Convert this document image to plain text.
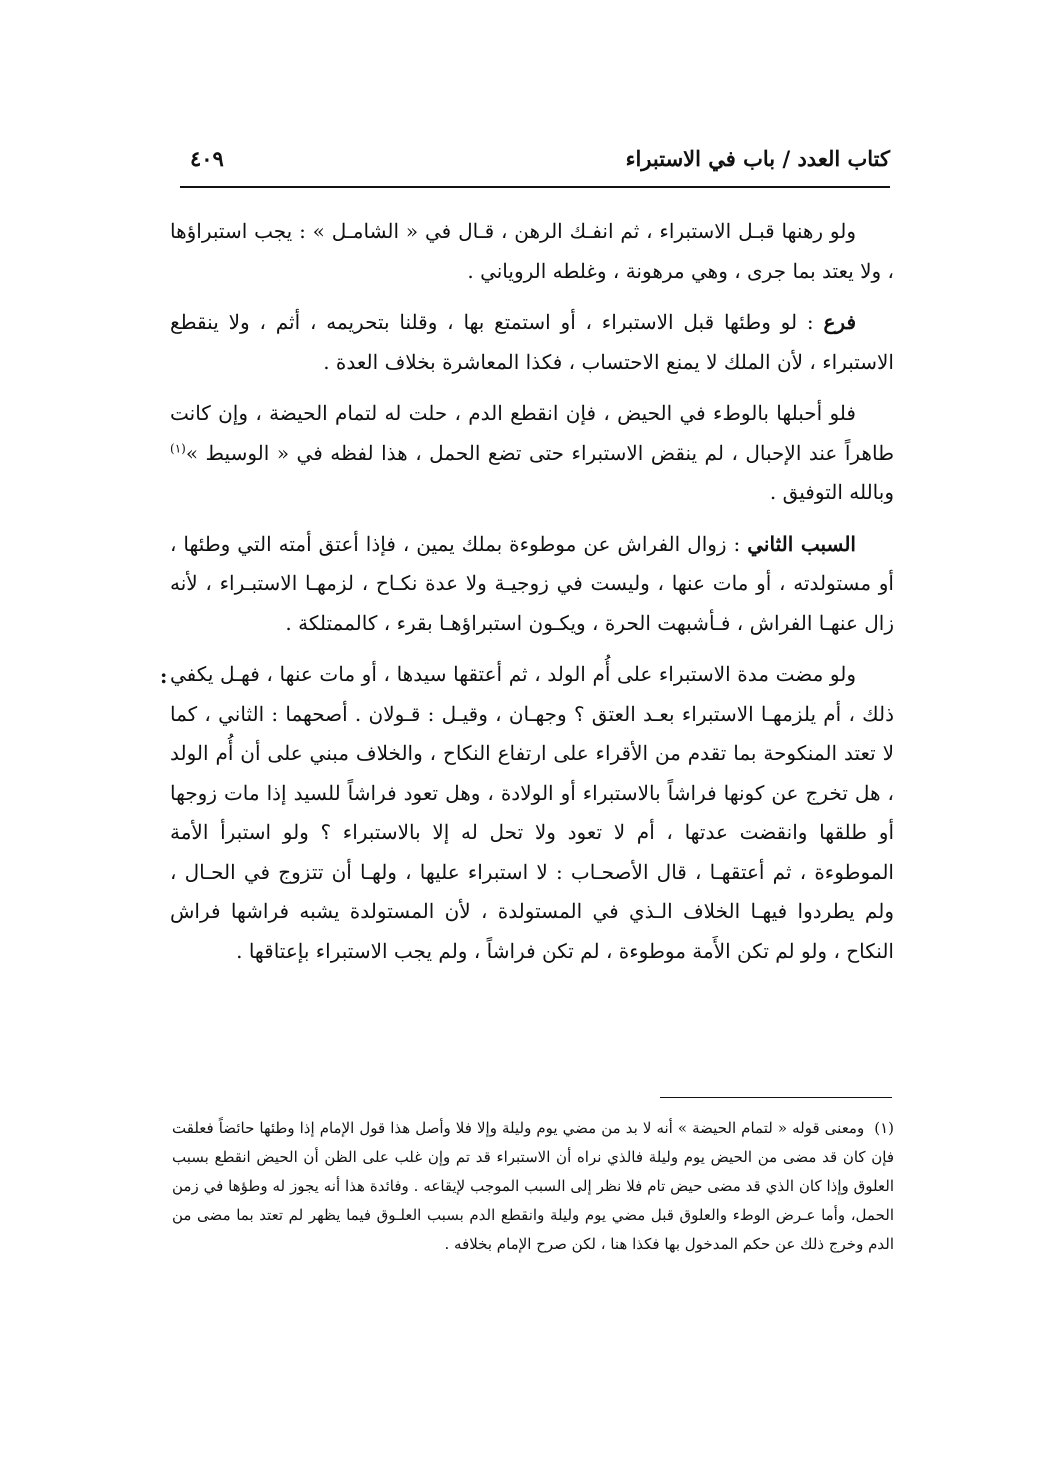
كتاب العدد / باب في الاستبراء
٤٠٩

ولو رهنها قبـل الاستبراء ، ثم انفـك الرهن ، قـال في « الشامـل » : يجب استبراؤها ، ولا يعتد بما جرى ، وهي مرهونة ، وغلطه الروياني .

فرع : لو وطئها قبل الاستبراء ، أو استمتع بها ، وقلنا بتحريمه ، أثم ، ولا ينقطع الاستبراء ، لأن الملك لا يمنع الاحتساب ، فكذا المعاشرة بخلاف العدة .

فلو أحبلها بالوطء في الحيض ، فإن انقطع الدم ، حلت له لتمام الحيضة ، وإن كانت طاهراً عند الإحبال ، لم ينقض الاستبراء حتى تضع الحمل ، هذا لفظه في « الوسيط »$^{(١)}$ وبالله التوفيق .

السبب الثاني : زوال الفراش عن موطوءة بملك يمين ، فإذا أعتق أمته التي وطئها ، أو مستولدته ، أو مات عنها ، وليست في زوجيـة ولا عدة نكـاح ، لزمهـا الاستبـراء ، لأنه زال عنهـا الفراش ، فـأشبهت الحرة ، ويكـون استبراؤهـا بقرء ، كالممتلكة .

ولو مضت مدة الاستبراء على أُم الولد ، ثم أعتقها سيدها ، أو مات عنها ، فهـل يكفي ذلك ، أم يلزمهـا الاستبراء بعـد العتق ؟ وجهـان ، وقيـل : قـولان . أصحهما : الثاني ، كما لا تعتد المنكوحة بما تقدم من الأقراء على ارتفاع النكاح ، والخلاف مبني على أن أُم الولد ، هل تخرج عن كونها فراشاً بالاستبراء أو الولادة ، وهل تعود فراشاً للسيد إذا مات زوجها أو طلقها وانقضت عدتها ، أم لا تعود ولا تحل له إلا بالاستبراء ؟ ولو استبرأ الأمة الموطوءة ، ثم أعتقهـا ، قال الأصحـاب : لا استبراء عليها ، ولهـا أن تتزوج في الحـال ، ولم يطردوا فيهـا الخلاف الـذي في المستولدة ، لأن المستولدة يشبه فراشها فراش النكاح ، ولو لم تكن الأَمة موطوءة ، لم تكن فراشاً ، ولم يجب الاستبراء بإعتاقها .

:
(١)ومعنى قوله « لتمام الحيضة » أنه لا بد من مضي يوم وليلة وإلا فلا وأصل هذا قول الإمام إذا وطئها حائضاً فعلقت فإن كان قد مضى من الحيض يوم وليلة فالذي نراه أن الاستبراء قد تم وإن غلب على الظن أن الحيض انقطع بسبب العلوق وإذا كان الذي قد مضى حيض تام فلا نظر إلى السبب الموجب لإيقاعه . وفائدة هذا أنه يجوز له وطؤها في زمن الحمل، وأما عـرض الوطء والعلوق قبل مضي يوم وليلة وانقطع الدم بسبب العلـوق فيما يظهر لم تعتد بما مضى من الدم وخرج ذلك عن حكم المدخول بها فكذا هنا ، لكن صرح الإمام بخلافه .
